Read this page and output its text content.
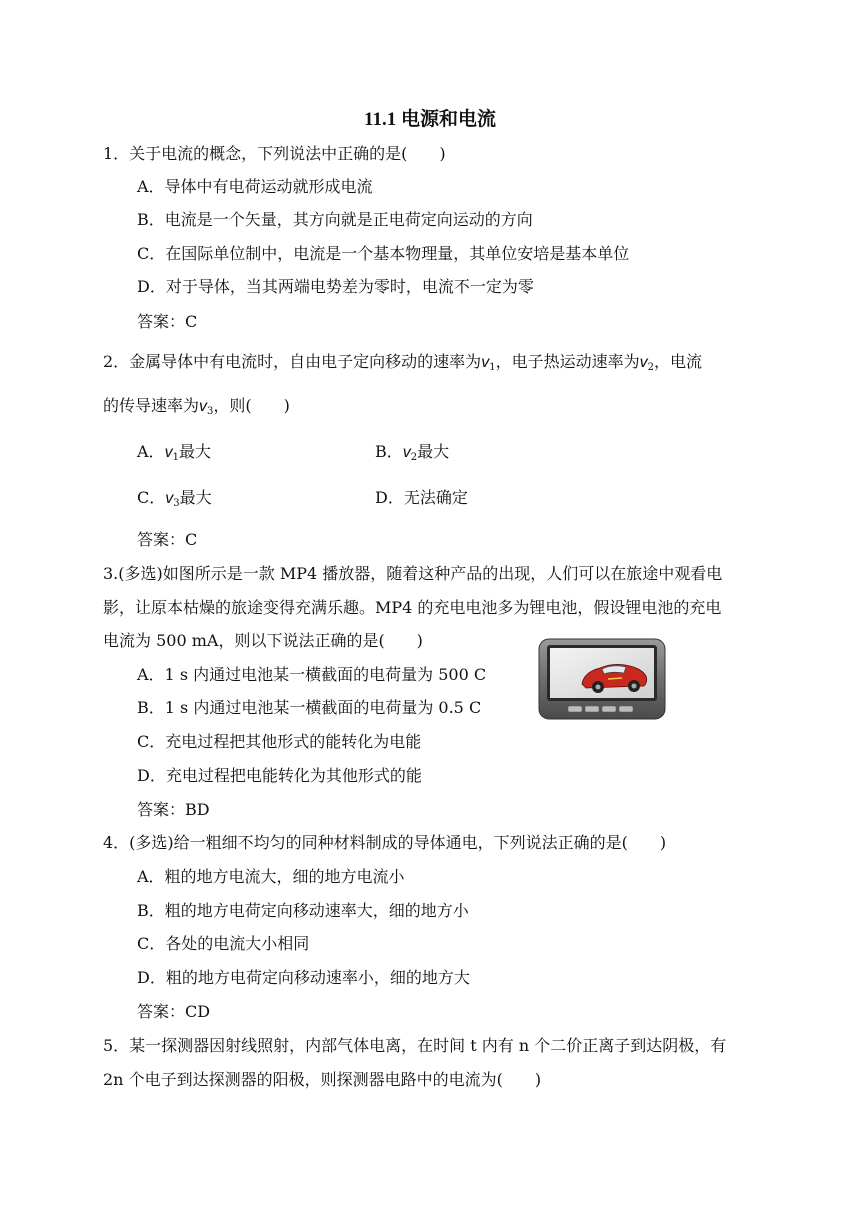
11.1 电源和电流
1．关于电流的概念，下列说法中正确的是(　　)
A．导体中有电荷运动就形成电流
B．电流是一个矢量，其方向就是正电荷定向运动的方向
C．在国际单位制中，电流是一个基本物理量，其单位安培是基本单位
D．对于导体，当其两端电势差为零时，电流不一定为零
答案：C
2．金属导体中有电流时，自由电子定向移动的速率为$v_1$，电子热运动速率为$v_2$，电流
的传导速率为$v_3$，则(　　)
A．$v_1$最大	B．$v_2$最大
C．$v_3$最大	D．无法确定
答案：C
3.(多选)如图所示是一款 MP4 播放器，随着这种产品的出现，人们可以在旅途中观看电
影，让原本枯燥的旅途变得充满乐趣。MP4 的充电电池多为锂电池，假设锂电池的充电
电流为 500 mA，则以下说法正确的是(　　)
A．1 s 内通过电池某一横截面的电荷量为 500 C
B．1 s 内通过电池某一横截面的电荷量为 0.5 C
C．充电过程把其他形式的能转化为电能
D．充电过程把电能转化为其他形式的能
答案：BD
4．(多选)给一粗细不均匀的同种材料制成的导体通电，下列说法正确的是(　　)
A．粗的地方电流大，细的地方电流小
B．粗的地方电荷定向移动速率大，细的地方小
C．各处的电流大小相同
D．粗的地方电荷定向移动速率小，细的地方大
答案：CD
5．某一探测器因射线照射，内部气体电离，在时间 t 内有 n 个二价正离子到达阴极，有
2n 个电子到达探测器的阳极，则探测器电路中的电流为(　　)
